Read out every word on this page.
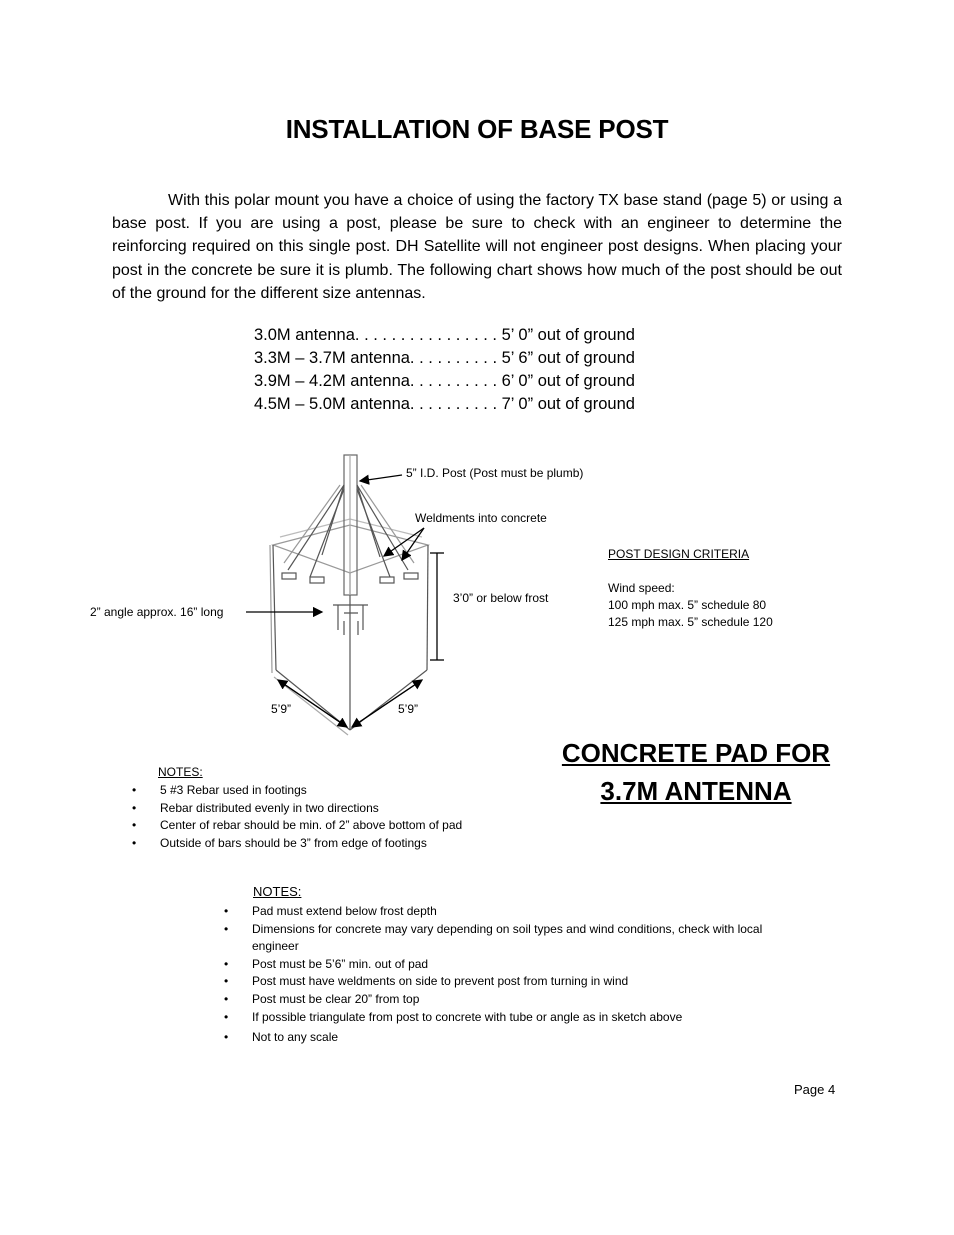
INSTALLATION OF BASE POST
With this polar mount you have a choice of using the factory TX base stand (page 5) or using a base post. If you are using a post, please be sure to check with an engineer to determine the reinforcing required on this single post. DH Satellite will not engineer post designs. When placing your post in the concrete be sure it is plumb. The following chart shows how much of the post should be out of the ground for the different size antennas.
3.0M antenna. . . . . . . . . . . . . . . . 5’ 0” out of ground
3.3M – 3.7M antenna. . . . . . . . . . 5’ 6” out of ground
3.9M – 4.2M antenna. . . . . . . . . . 6’ 0” out of ground
4.5M – 5.0M antenna. . . . . . . . . . 7’ 0” out of ground
5” I.D. Post (Post must be plumb)
Weldments into concrete
3’0” or below frost
2” angle approx. 16” long
5’9”	5’9”
POST DESIGN CRITERIA
Wind speed:
100 mph max. 5” schedule 80
125 mph max. 5” schedule 120
CONCRETE PAD FOR
3.7M ANTENNA
NOTES:
• 5 #3 Rebar used in footings
• Rebar distributed evenly in two directions
• Center of rebar should be min. of 2” above bottom of pad
• Outside of bars should be 3” from edge of footings
NOTES:
• Pad must extend below frost depth
• Dimensions for concrete may vary depending on soil types and wind conditions, check with local engineer
• Post must be 5’6” min. out of pad
• Post must have weldments on side to prevent post from turning in wind
• Post must be clear 20” from top
• If possible triangulate from post to concrete with tube or angle as in sketch above
• Not to any scale
Page 4
